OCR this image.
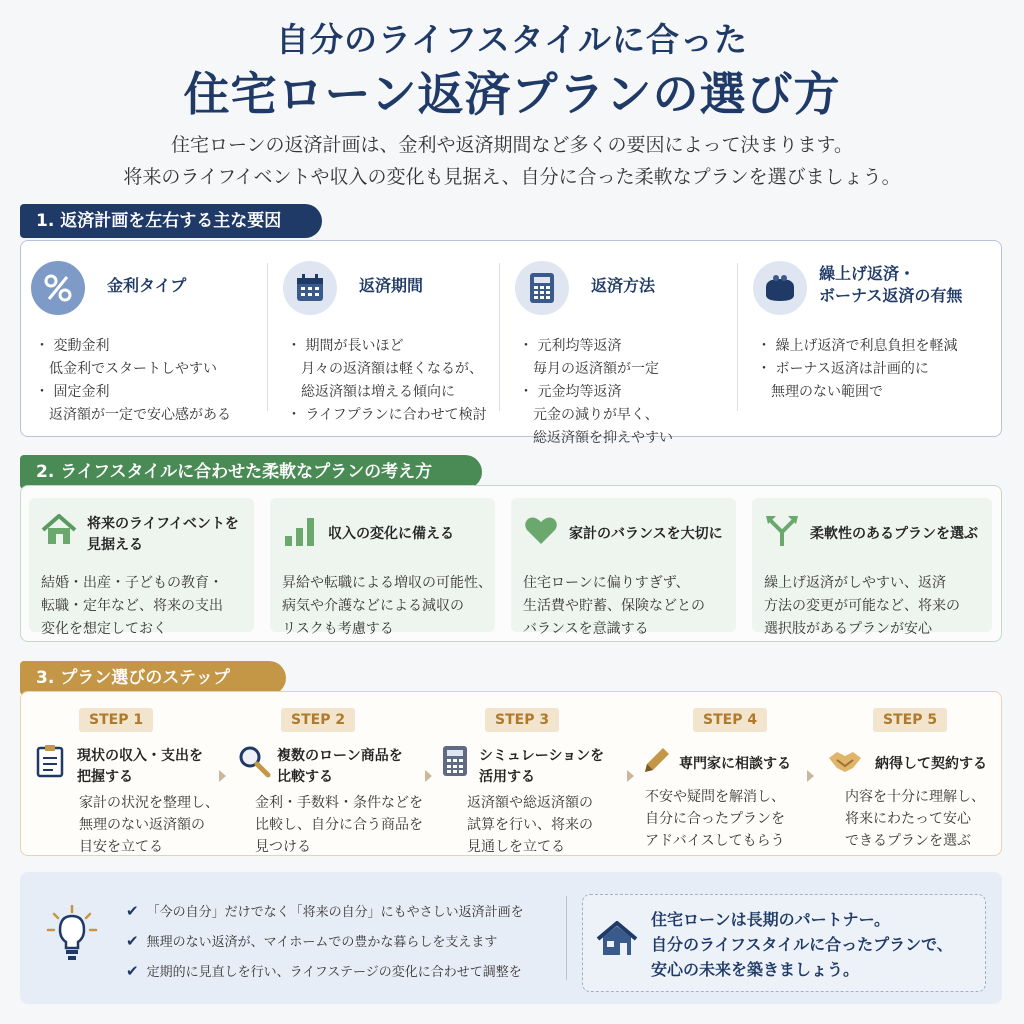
自分のライフスタイルに合った
住宅ローン返済プランの選び方
住宅ローンの返済計画は、金利や返済期間など多くの要因によって決まります。
将来のライフイベントや収入の変化も見据え、自分に合った柔軟なプランを選びましょう。
1. 返済計画を左右する主な要因
金利タイプ
・ 変動金利
低金利でスタートしやすい
・ 固定金利
返済額が一定で安心感がある
返済期間
・ 期間が長いほど
月々の返済額は軽くなるが、
総返済額は増える傾向に
・ ライフプランに合わせて検討
返済方法
・ 元利均等返済
毎月の返済額が一定
・ 元金均等返済
元金の減りが早く、
総返済額を抑えやすい
繰上げ返済・
ボーナス返済の有無
・ 繰上げ返済で利息負担を軽減
・ ボーナス返済は計画的に
無理のない範囲で
2. ライフスタイルに合わせた柔軟なプランの考え方
将来のライフイベントを
見据える
結婚・出産・子どもの教育・
転職・定年など、将来の支出
変化を想定しておく
収入の変化に備える
昇給や転職による増収の可能性、
病気や介護などによる減収の
リスクも考慮する
家計のバランスを大切に
住宅ローンに偏りすぎず、
生活費や貯蓄、保険などとの
バランスを意識する
柔軟性のあるプランを選ぶ
繰上げ返済がしやすい、返済
方法の変更が可能など、将来の
選択肢があるプランが安心
3. プラン選びのステップ
STEP 1
現状の収入・支出を
把握する
家計の状況を整理し、
無理のない返済額の
目安を立てる
STEP 2
複数のローン商品を
比較する
金利・手数料・条件などを
比較し、自分に合う商品を
見つける
STEP 3
シミュレーションを
活用する
返済額や総返済額の
試算を行い、将来の
見通しを立てる
STEP 4
専門家に相談する
不安や疑問を解消し、
自分に合ったプランを
アドバイスしてもらう
STEP 5
納得して契約する
内容を十分に理解し、
将来にわたって安心
できるプランを選ぶ
✔ 「今の自分」だけでなく「将来の自分」にもやさしい返済計画を
✔ 無理のない返済が、マイホームでの豊かな暮らしを支えます
✔ 定期的に見直しを行い、ライフステージの変化に合わせて調整を
住宅ローンは長期のパートナー。
自分のライフスタイルに合ったプランで、
安心の未来を築きましょう。
